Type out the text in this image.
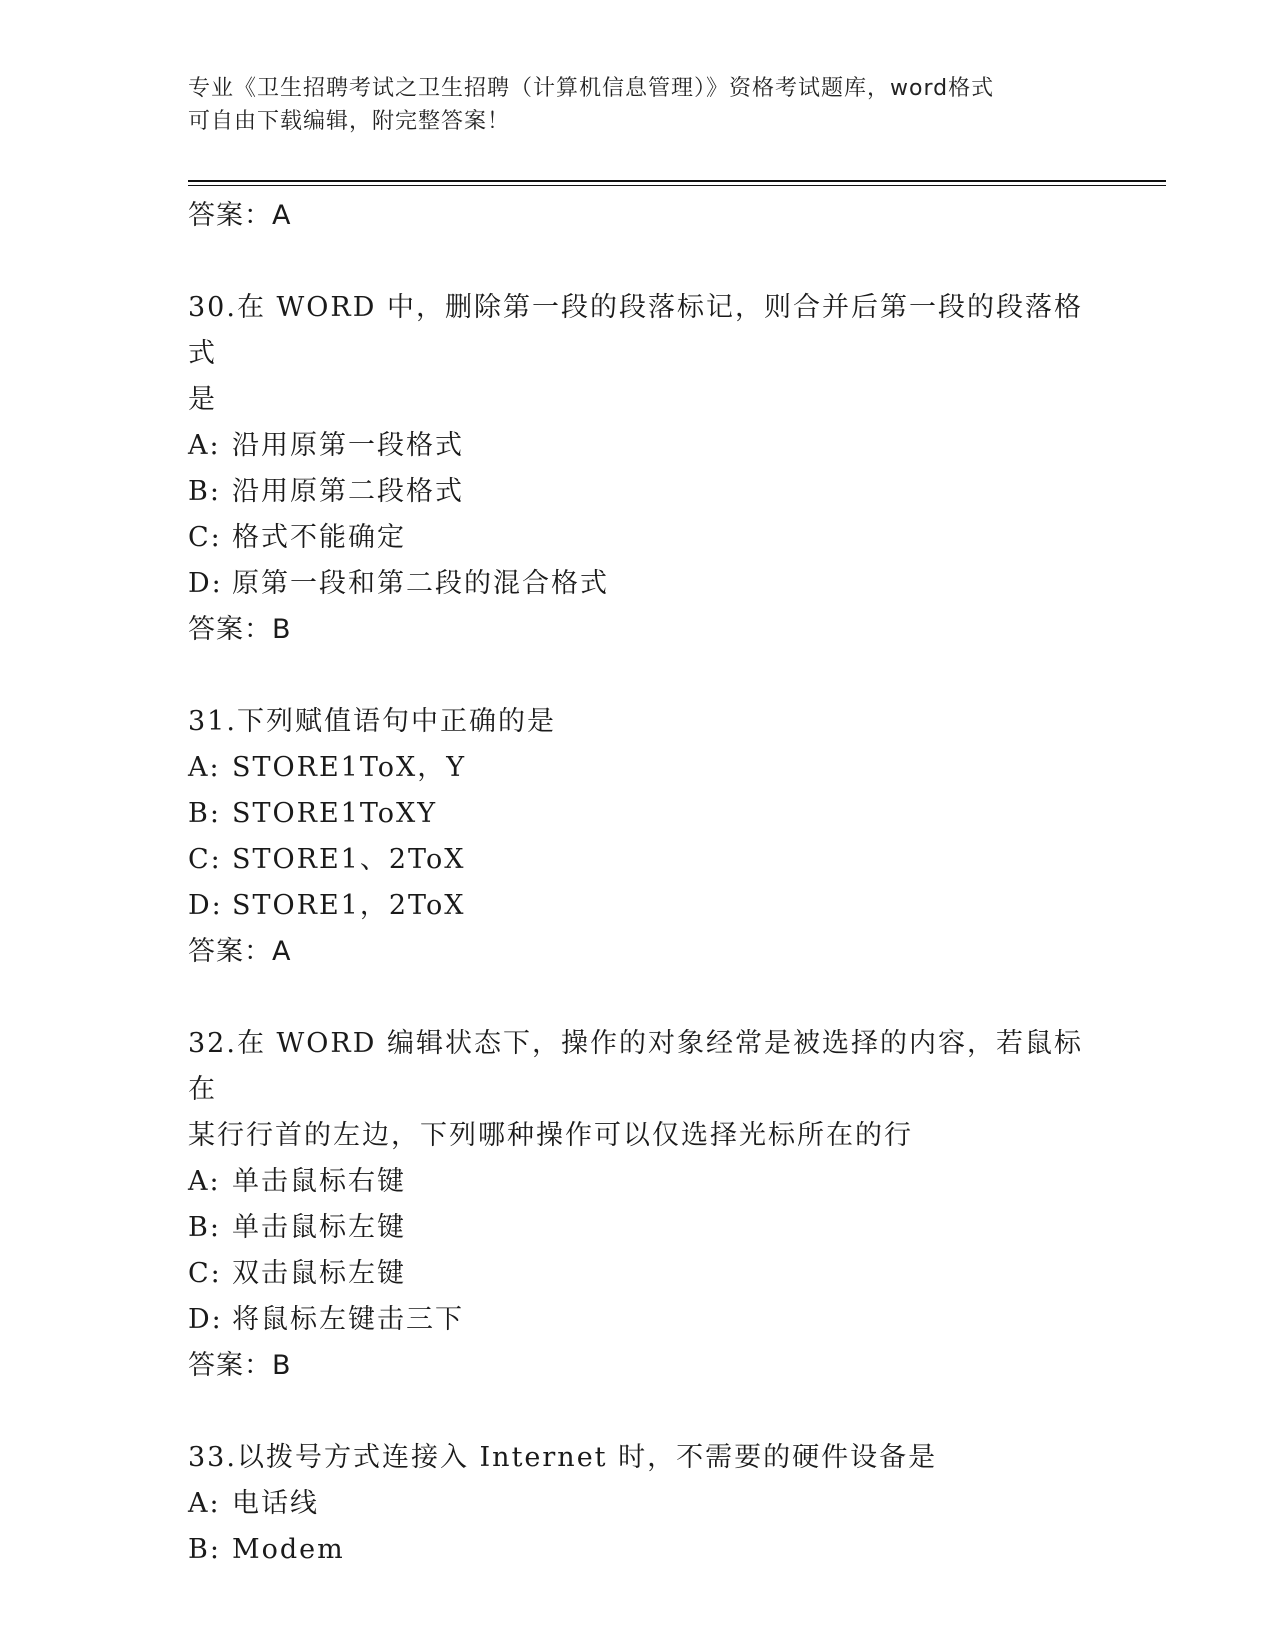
专业《卫生招聘考试之卫生招聘（计算机信息管理）》资格考试题库，word格式
可自由下载编辑，附完整答案！
答案：A
30.在 WORD 中，删除第一段的段落标记，则合并后第一段的段落格式
是
A: 沿用原第一段格式
B: 沿用原第二段格式
C: 格式不能确定
D: 原第一段和第二段的混合格式
答案：B
31.下列赋值语句中正确的是
A: STORE1ToX，Y
B: STORE1ToXY
C: STORE1、2ToX
D: STORE1，2ToX
答案：A
32.在 WORD 编辑状态下，操作的对象经常是被选择的内容，若鼠标在
某行行首的左边，下列哪种操作可以仅选择光标所在的行
A: 单击鼠标右键
B: 单击鼠标左键
C: 双击鼠标左键
D: 将鼠标左键击三下
答案：B
33.以拨号方式连接入 Internet 时，不需要的硬件设备是
A: 电话线
B: Modem
